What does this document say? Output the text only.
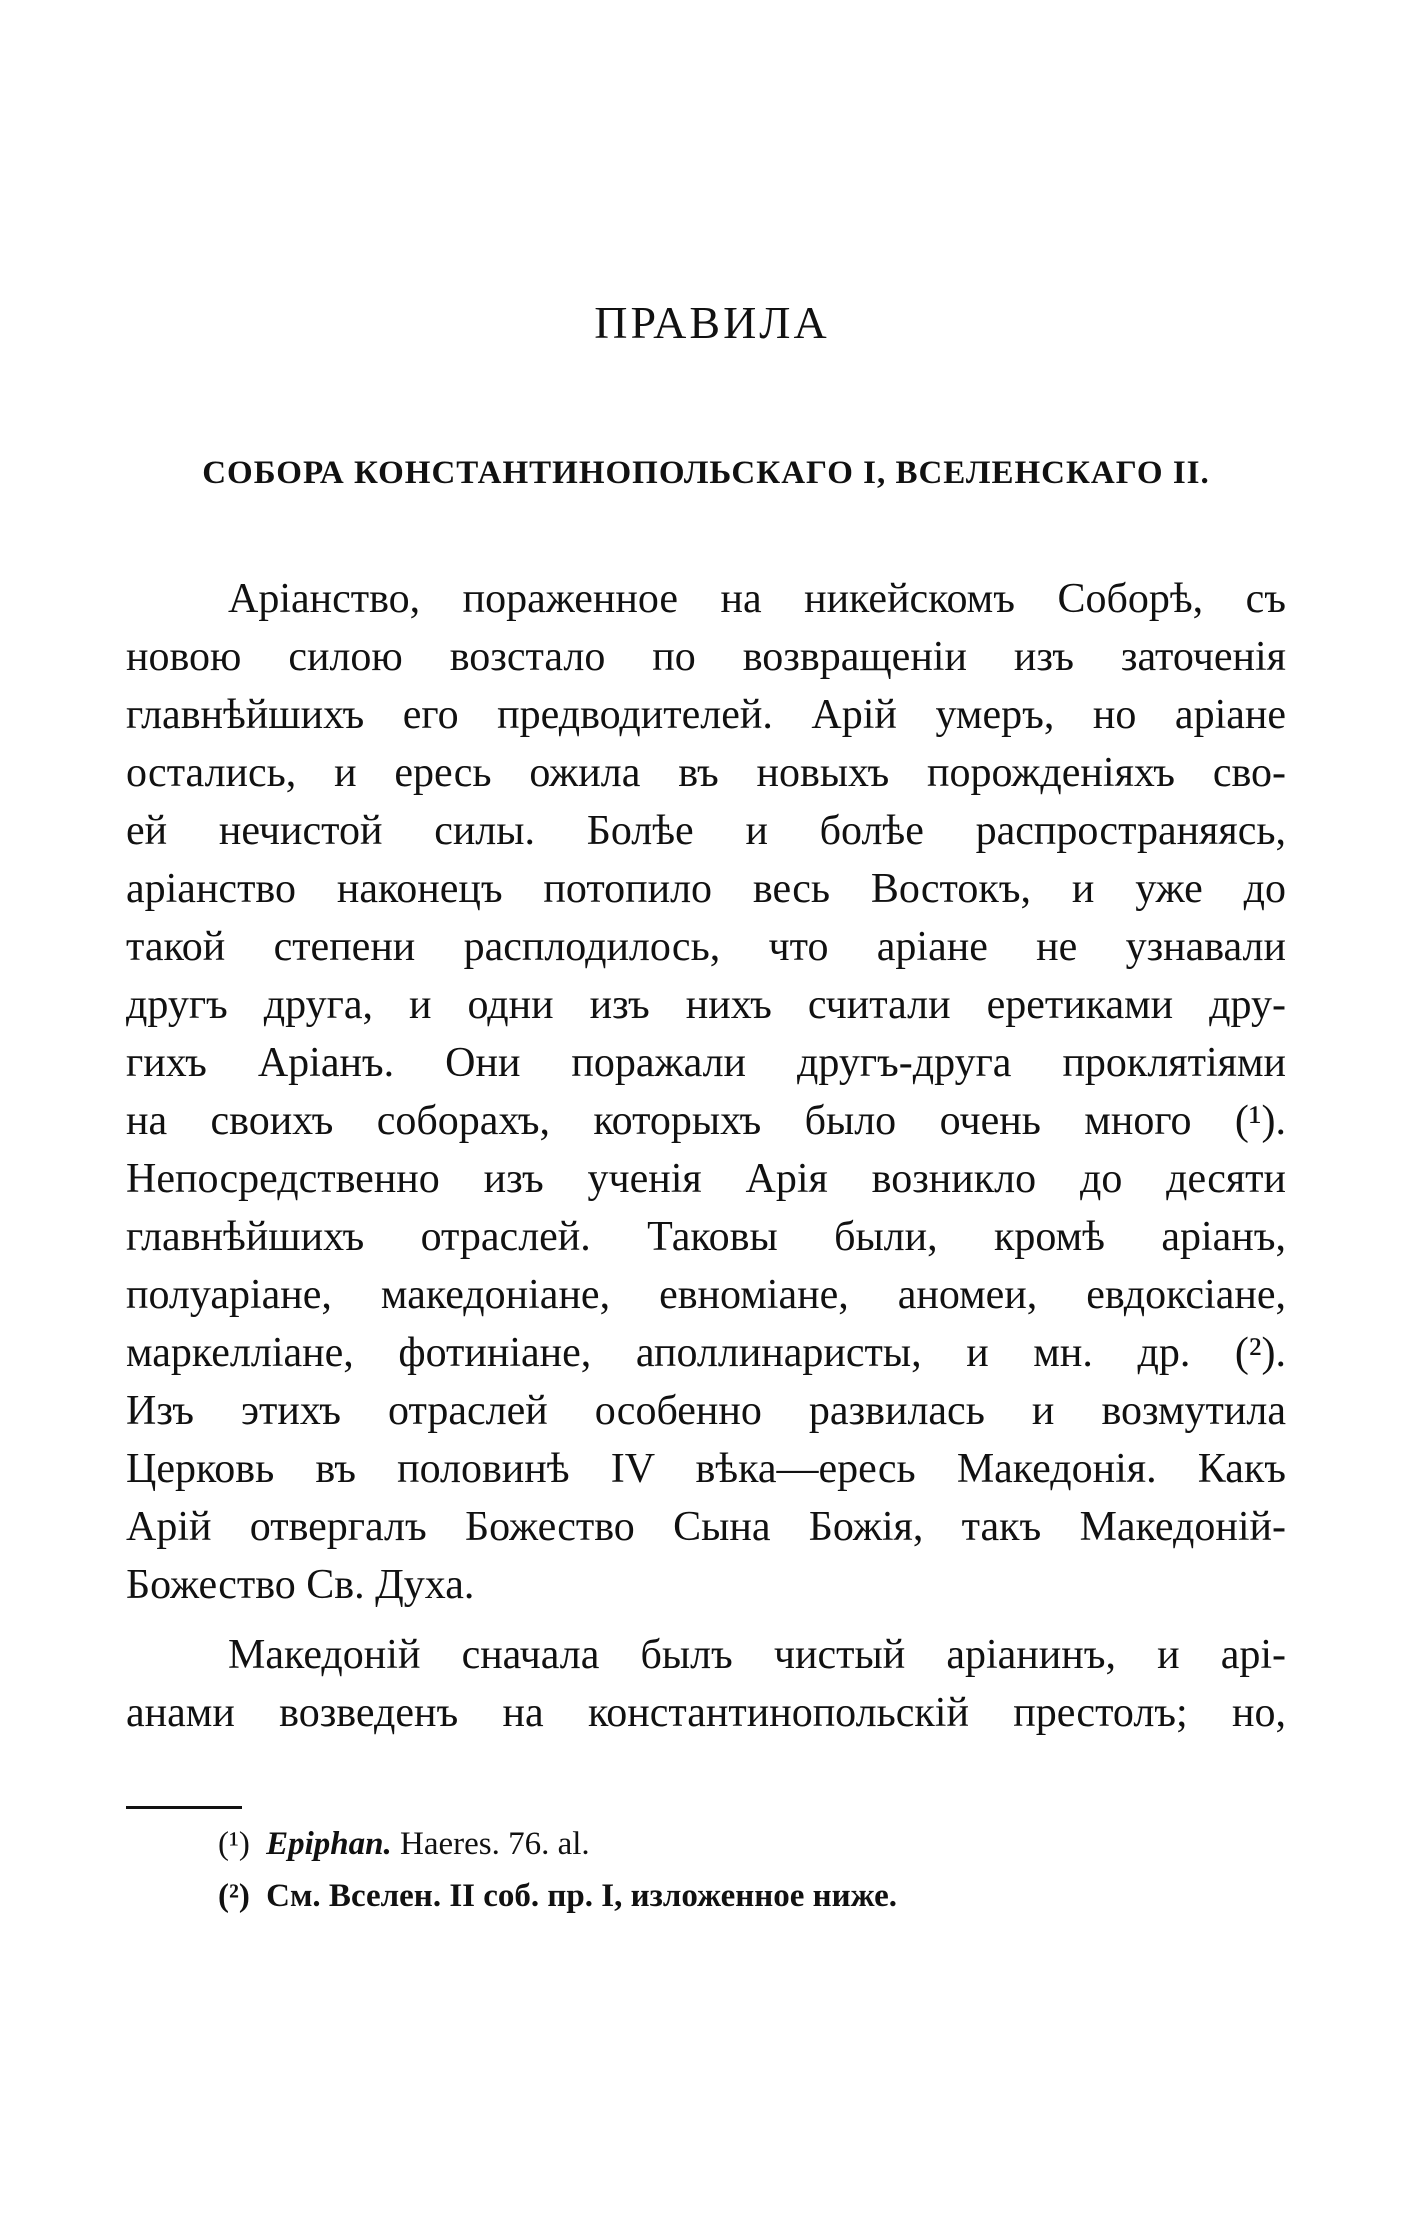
ПРАВИЛА
СОБОРА КОНСТАНТИНОПОЛЬСКАГО І, ВСЕЛЕНСКАГО ІІ.
Аріанство, пораженное на никейскомъ Соборѣ, съ
новою силою возстало по возвращеніи изъ заточенія
главнѣйшихъ его предводителей. Арій умеръ, но аріане
остались, и ересь ожила въ новыхъ порожденіяхъ сво-
ей нечистой силы. Болѣе и болѣе распространяясь,
аріанство наконецъ потопило весь Востокъ, и уже до
такой степени расплодилось, что аріане не узнавали
другъ друга, и одни изъ нихъ считали еретиками дру-
гихъ Аріанъ. Они поражали другъ-друга проклятіями
на своихъ соборахъ, которыхъ было очень много (¹).
Непосредственно изъ ученія Арія возникло до десяти
главнѣйшихъ отраслей. Таковы были, кромѣ аріанъ,
полуаріане, македоніане, евноміане, аномеи, евдоксіане,
маркелліане, фотиніане, аполлинаристы, и мн. др. (²).
Изъ этихъ отраслей особенно развилась и возмутила
Церковь въ половинѣ IV вѣка—ересь Македонія. Какъ
Арій отвергалъ Божество Сына Божія, такъ Македоній-
Божество Св. Духа.
Македоній сначала былъ чистый аріанинъ, и арі-
анами возведенъ на константинопольскій престолъ; но,
(¹) Epiphan. Haeres. 76. al.
(²) См. Вселен. II соб. пр. I, изложенное ниже.
